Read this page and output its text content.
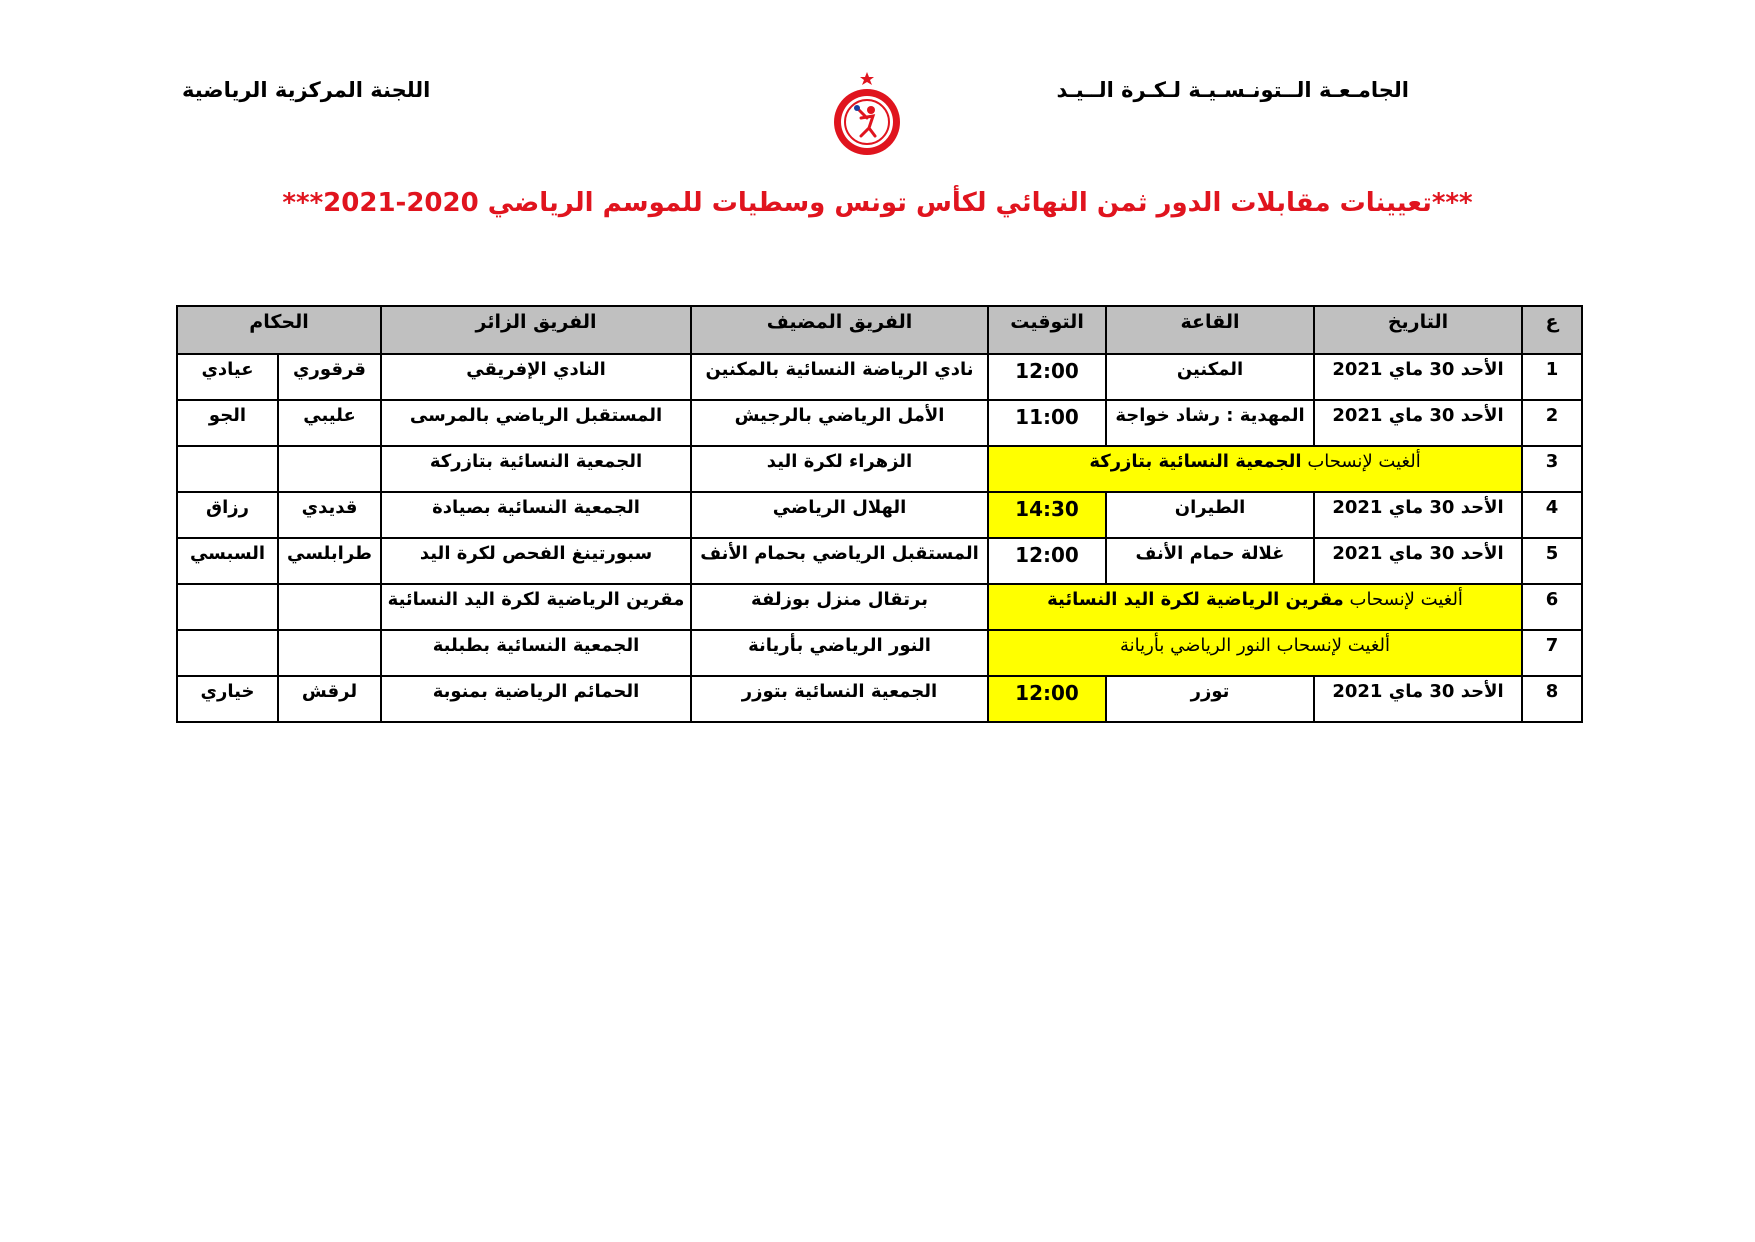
الجامـعـة الــتونـسـيـة لـكـرة الــيـد
اللجنة المركزية الرياضية
***تعيينات مقابلات الدور ثمن النهائي لكأس تونس وسطيات للموسم الرياضي 2020-2021***
ع	التاريخ	القاعة	التوقيت	الفريق المضيف	الفريق الزائر	الحكام	
1	الأحد 30 ماي 2021	المكنين	12:00	نادي الرياضة النسائية بالمكنين	النادي الإفريقي	قرقوري	عيادي
2	الأحد 30 ماي 2021	المهدية : رشاد خواجة	11:00	الأمل الرياضي بالرجيش	المستقبل الرياضي بالمرسى	عليبي	الجو
3	ألغيت لإنسحاب الجمعية النسائية بتازركة			الزهراء لكرة اليد	الجمعية النسائية بتازركة		
4	الأحد 30 ماي 2021	الطيران	14:30	الهلال الرياضي	الجمعية النسائية بصيادة	قديدي	رزاق
5	الأحد 30 ماي 2021	غلالة حمام الأنف	12:00	المستقبل الرياضي بحمام الأنف	سبورتينغ الفحص لكرة اليد	طرابلسي	السبسي
6	ألغيت لإنسحاب مقرين الرياضية لكرة اليد النسائية			برتقال منزل بوزلفة	مقرين الرياضية لكرة اليد النسائية		
7	ألغيت لإنسحاب النور الرياضي بأريانة			النور الرياضي بأريانة	الجمعية النسائية بطبلبة		
8	الأحد 30 ماي 2021	توزر	12:00	الجمعية النسائية بتوزر	الحمائم الرياضية بمنوبة	لرقش	خياري
